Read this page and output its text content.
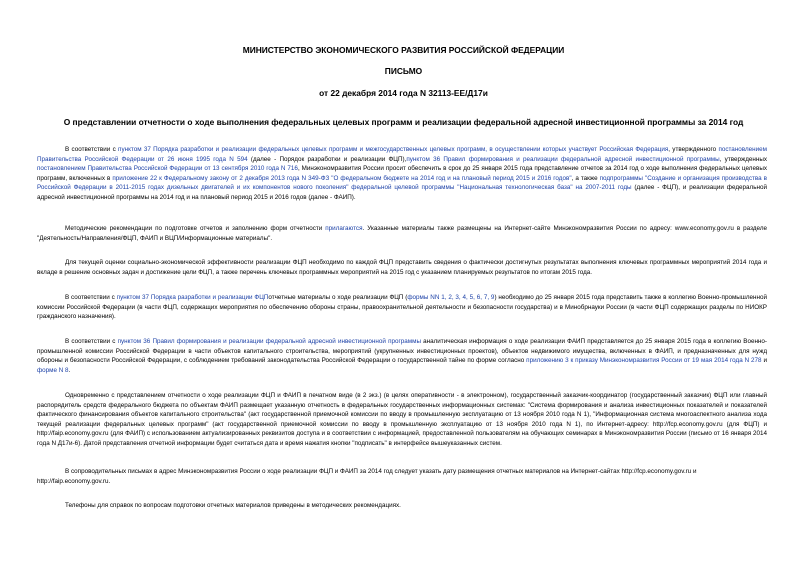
МИНИСТЕРСТВО ЭКОНОМИЧЕСКОГО РАЗВИТИЯ РОССИЙСКОЙ ФЕДЕРАЦИИ
ПИСЬМО
от 22 декабря 2014 года N 32113-ЕЕ/Д17и
О представлении отчетности о ходе выполнения федеральных целевых программ и реализации федеральной адресной инвестиционной программы за 2014 год
В соответствии с пунктом 37 Порядка разработки и реализации федеральных целевых программ и межгосударственных целевых программ, в осуществлении которых участвует Российская Федерация, утвержденного постановлением Правительства Российской Федерации от 26 июня 1995 года N 594 (далее - Порядок разработки и реализации ФЦП),пунктом 36 Правил формирования и реализации федеральной адресной инвестиционной программы, утвержденных постановлением Правительства Российской Федерации от 13 сентября 2010 года N 716, Минэкономразвития России просит обеспечить в срок до 25 января 2015 года представление отчетов за 2014 год о ходе выполнения федеральных целевых программ, включенных в приложение 22 к Федеральному закону от 2 декабря 2013 года N 349-ФЗ "О федеральном бюджете на 2014 год и на плановый период 2015 и 2016 годов", а также подпрограммы "Создание и организация производства в Российской Федерации в 2011-2015 годах дизельных двигателей и их компонентов нового поколения" федеральной целевой программы "Национальная технологическая база" на 2007-2011 годы (далее - ФЦП), и реализации федеральной адресной инвестиционной программы на 2014 год и на плановый период 2015 и 2016 годов (далее - ФАИП).
Методические рекомендации по подготовке отчетов и заполнению форм отчетности прилагаются. Указанные материалы также размещены на Интернет-сайте Минэкономразвития России по адресу: www.economy.gov.ru в разделе "Деятельность/Направления/ФЦП, ФАИП и ВЦП/Информационные материалы".
Для текущей оценки социально-экономической эффективности реализации ФЦП необходимо по каждой ФЦП представить сведения о фактически достигнутых результатах выполнения ключевых программных мероприятий 2014 года и вкладе в решение основных задач и достижение цели ФЦП, а также перечень ключевых программных мероприятий на 2015 год с указанием планируемых результатов по итогам 2015 года.
В соответствии с пунктом 37 Порядка разработки и реализации ФЦПотчетные материалы о ходе реализации ФЦП (формы NN 1, 2, 3, 4, 5, 6, 7, 9) необходимо до 25 января 2015 года представить также в коллегию Военно-промышленной комиссии Российской Федерации (в части ФЦП, содержащих мероприятия по обеспечению обороны страны, правоохранительной деятельности и безопасности государства) и в Минобрнауки России (в части ФЦП содержащих разделы по НИОКР гражданского назначения).
В соответствии с пунктом 36 Правил формирования и реализации федеральной адресной инвестиционной программы аналитическая информация о ходе реализации ФАИП представляется до 25 января 2015 года в коллегию Военно-промышленной комиссии Российской Федерации в части объектов капитального строительства, мероприятий (укрупненных инвестиционных проектов), объектов недвижимого имущества, включенных в ФАИП, и предназначенных для нужд обороны и безопасности Российской Федерации, с соблюдением требований законодательства Российской Федерации о государственной тайне по форме согласно приложению 3 к приказу Минэкономразвития России от 19 мая 2014 года N 278 и форме N 8.
Одновременно с представлением отчетности о ходе реализации ФЦП и ФАИП в печатном виде (в 2 экз.) (в целях оперативности - в электронном), государственный заказчик-координатор (государственный заказчик) ФЦП или главный распорядитель средств федерального бюджета по объектам ФАИП размещает указанную отчетность в федеральных государственных информационных системах: "Система формирования и анализа инвестиционных показателей и показателей фактического финансирования объектов капитального строительства" (акт государственной приемочной комиссии по вводу в промышленную эксплуатацию от 13 ноября 2010 года N 1), "Информационная система многоаспектного анализа хода текущей реализации федеральных целевых программ" (акт государственной приемочной комиссии по вводу в промышленную эксплуатацию от 13 ноября 2010 года N 1), по Интернет-адресу: http://fcp.economy.gov.ru (для ФЦП) и http://faip.economy.gov.ru (для ФАИП) с использованием актуализированных реквизитов доступа и в соответствии с информацией, предоставленной пользователям на обучающих семинарах в Минэкономразвития России (письмо от 16 января 2014 года N Д17и-6). Датой представления отчетной информации будет считаться дата и время нажатия кнопки "подписать" в интерфейсе вышеуказанных систем.
В сопроводительных письмах в адрес Минэкономразвития России о ходе реализации ФЦП и ФАИП за 2014 год следует указать дату размещения отчетных материалов на Интернет-сайтах http://fcp.economy.gov.ru и http://faip.economy.gov.ru.
Телефоны для справок по вопросам подготовки отчетных материалов приведены в методических рекомендациях.
